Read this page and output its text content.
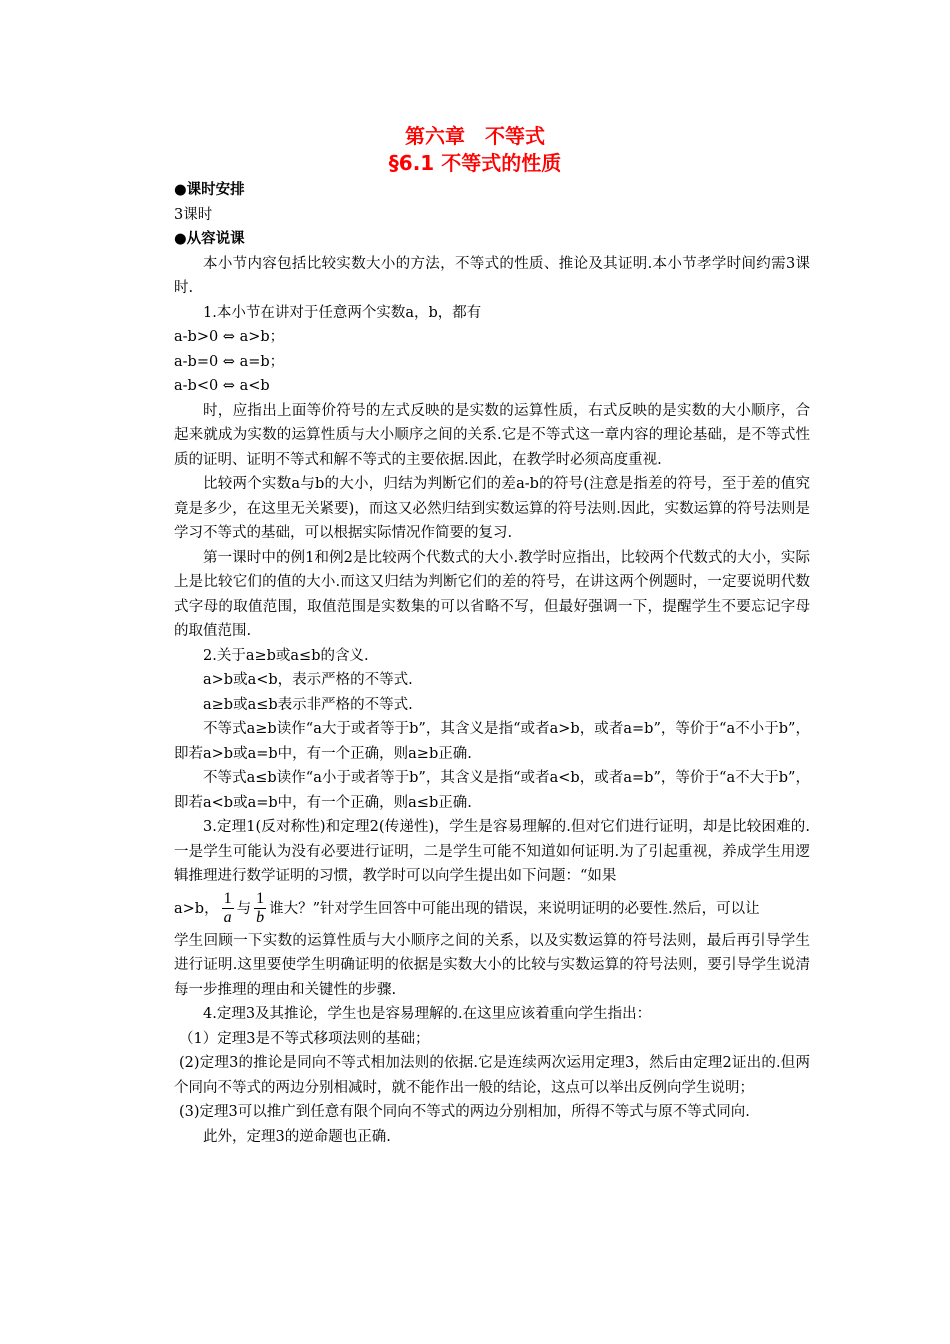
第六章　不等式
§6.1 不等式的性质

●课时安排

3课时

●从容说课

本小节内容包括比较实数大小的方法，不等式的性质、推论及其证明.本小节孝学时间约需3课时.

1.本小节在讲对于任意两个实数a，b，都有

a-b>0 ⇔ a>b；

a-b=0 ⇔ a=b；

a-b<0 ⇔ a<b

时，应指出上面等价符号的左式反映的是实数的运算性质，右式反映的是实数的大小顺序，合起来就成为实数的运算性质与大小顺序之间的关系.它是不等式这一章内容的理论基础，是不等式性质的证明、证明不等式和解不等式的主要依据.因此，在教学时必须高度重视.

比较两个实数a与b的大小，归结为判断它们的差a-b的符号(注意是指差的符号，至于差的值究竟是多少，在这里无关紧要)，而这又必然归结到实数运算的符号法则.因此，实数运算的符号法则是学习不等式的基础，可以根据实际情况作简要的复习.

第一课时中的例1和例2是比较两个代数式的大小.教学时应指出，比较两个代数式的大小，实际上是比较它们的值的大小.而这又归结为判断它们的差的符号，在讲这两个例题时，一定要说明代数式字母的取值范围，取值范围是实数集的可以省略不写，但最好强调一下，提醒学生不要忘记字母的取值范围.

2.关于a≥b或a≤b的含义.

a>b或a<b，表示严格的不等式.

a≥b或a≤b表示非严格的不等式.

不等式a≥b读作“a大于或者等于b”，其含义是指“或者a>b，或者a=b”，等价于“a不小于b”，即若a>b或a=b中，有一个正确，则a≥b正确.

不等式a≤b读作“a小于或者等于b”，其含义是指“或者a<b，或者a=b”，等价于“a不大于b”，即若a<b或a=b中，有一个正确，则a≤b正确.

3.定理1(反对称性)和定理2(传递性)，学生是容易理解的.但对它们进行证明，却是比较困难的.一是学生可能认为没有必要进行证明，二是学生可能不知道如何证明.为了引起重视，养成学生用逻辑推理进行数学证明的习惯，教学时可以向学生提出如下问题：“如果

a>b， $\frac{1}{a}$ 与 $\frac{1}{b}$ 谁大？”针对学生回答中可能出现的错误，来说明证明的必要性.然后，可以让

学生回顾一下实数的运算性质与大小顺序之间的关系，以及实数运算的符号法则，最后再引导学生进行证明.这里要使学生明确证明的依据是实数大小的比较与实数运算的符号法则，要引导学生说清每一步推理的理由和关键性的步骤.

4.定理3及其推论，学生也是容易理解的.在这里应该着重向学生指出：

（1）定理3是不等式移项法则的基础；

(2)定理3的推论是同向不等式相加法则的依据.它是连续两次运用定理3，然后由定理2证出的.但两个同向不等式的两边分别相减时，就不能作出一般的结论，这点可以举出反例向学生说明；

(3)定理3可以推广到任意有限个同向不等式的两边分别相加，所得不等式与原不等式同向.

此外，定理3的逆命题也正确.
